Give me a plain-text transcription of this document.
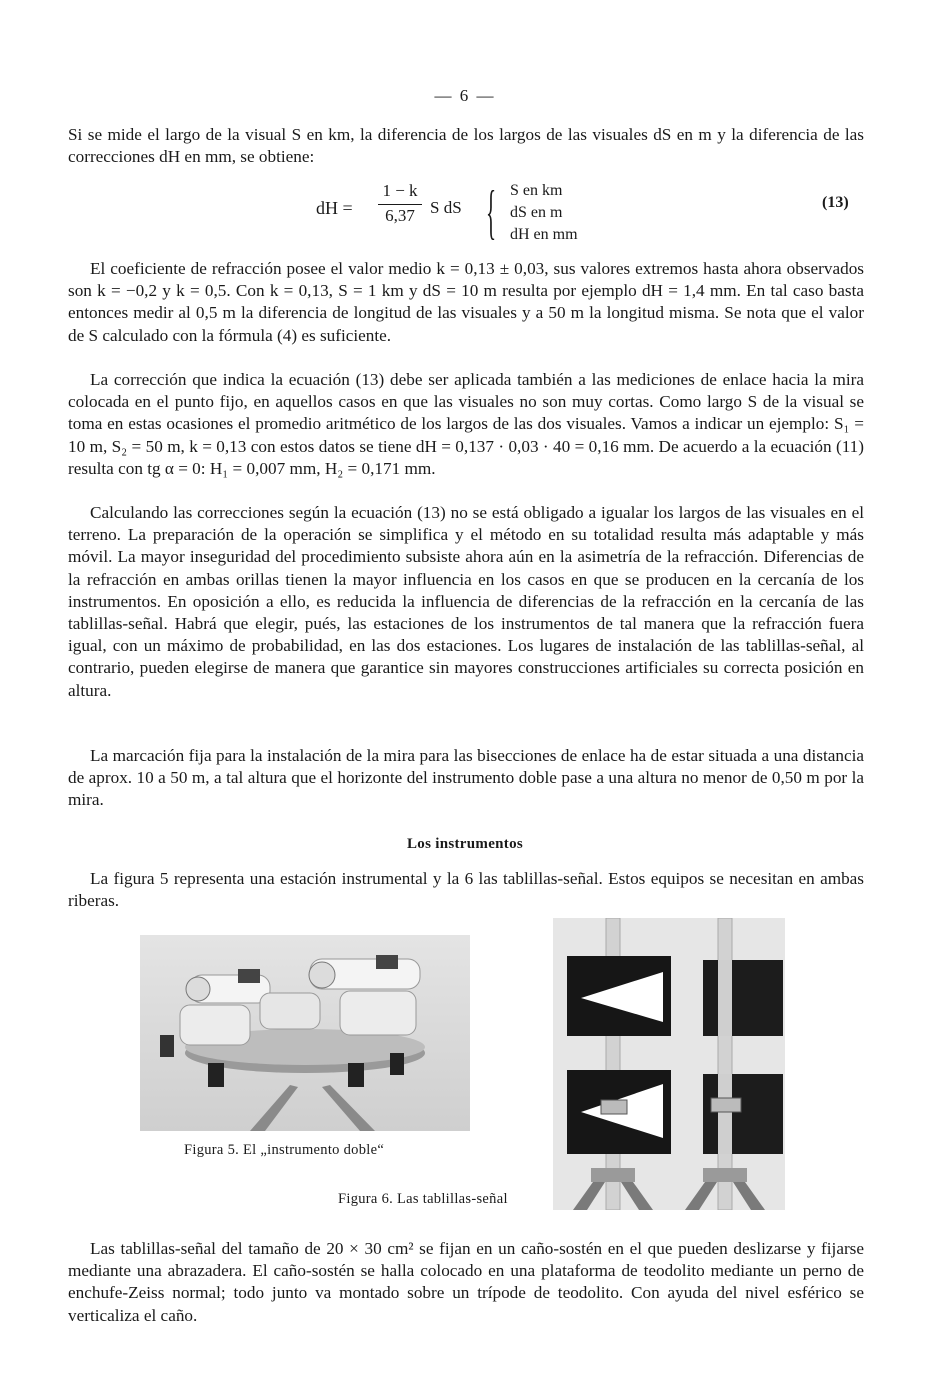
— 6 —

Si se mide el largo de la visual S en km, la diferencia de los largos de las visuales dS en m y la diferencia de las correcciones dH en mm, se obtiene:

dH = $\frac{1 - k}{6,37}$ S dS { S en km
dS en m
dH en mm
(13)

El coeficiente de refracción posee el valor medio k = 0,13 ± 0,03, sus valores extremos hasta ahora observados son k = −0,2 y k = 0,5. Con k = 0,13, S = 1 km y dS = 10 m resulta por ejemplo dH = 1,4 mm. En tal caso basta entonces medir al 0,5 m la diferencia de longitud de las visuales y a 50 m la longitud misma. Se nota que el valor de S calculado con la fórmula (4) es suficiente.

La corrección que indica la ecuación (13) debe ser aplicada también a las mediciones de enlace hacia la mira colocada en el punto fijo, en aquellos casos en que las visuales no son muy cortas. Como largo S de la visual se toma en estas ocasiones el promedio aritmético de los largos de las dos visuales. Vamos a indicar un ejemplo: S₁ = 10 m, S₂ = 50 m, k = 0,13 con estos datos se tiene dH = 0,137 · 0,03 · 40 = 0,16 mm. De acuerdo a la ecuación (11) resulta con tg α = 0: H₁ = 0,007 mm, H₂ = 0,171 mm.

Calculando las correcciones según la ecuación (13) no se está obligado a igualar los largos de las visuales en el terreno. La preparación de la operación se simplifica y el método en su totalidad resulta más adaptable y más móvil. La mayor inseguridad del procedimiento subsiste ahora aún en la asimetría de la refracción. Diferencias de la refracción en ambas orillas tienen la mayor influencia en los casos en que se producen en la cercanía de los instrumentos. En oposición a ello, es reducida la influencia de diferencias de la refracción en la cercanía de las tablillas-señal. Habrá que elegir, pués, las estaciones de los instrumentos de tal manera que la refracción fuera igual, con un máximo de probabilidad, en las dos estaciones. Los lugares de instalación de las tablillas-señal, al contrario, pueden elegirse de manera que garantice sin mayores construcciones artificiales su correcta posición en altura.

La marcación fija para la instalación de la mira para las bisecciones de enlace ha de estar situada a una distancia de aprox. 10 a 50 m, a tal altura que el horizonte del instrumento doble pase a una altura no menor de 0,50 m por la mira.

Los instrumentos

La figura 5 representa una estación instrumental y la 6 las tablillas-señal. Estos equipos se necesitan en ambas riberas.

Figura 5. El „instrumento doble“
Figura 6. Las tablillas-señal

Las tablillas-señal del tamaño de 20 × 30 cm² se fijan en un caño-sostén en el que pueden deslizarse y fijarse mediante una abrazadera. El caño-sostén se halla colocado en una plataforma de teodolito mediante un perno de enchufe-Zeiss normal; todo junto va montado sobre un trípode de teodolito. Con ayuda del nivel esférico se verticaliza el caño.
